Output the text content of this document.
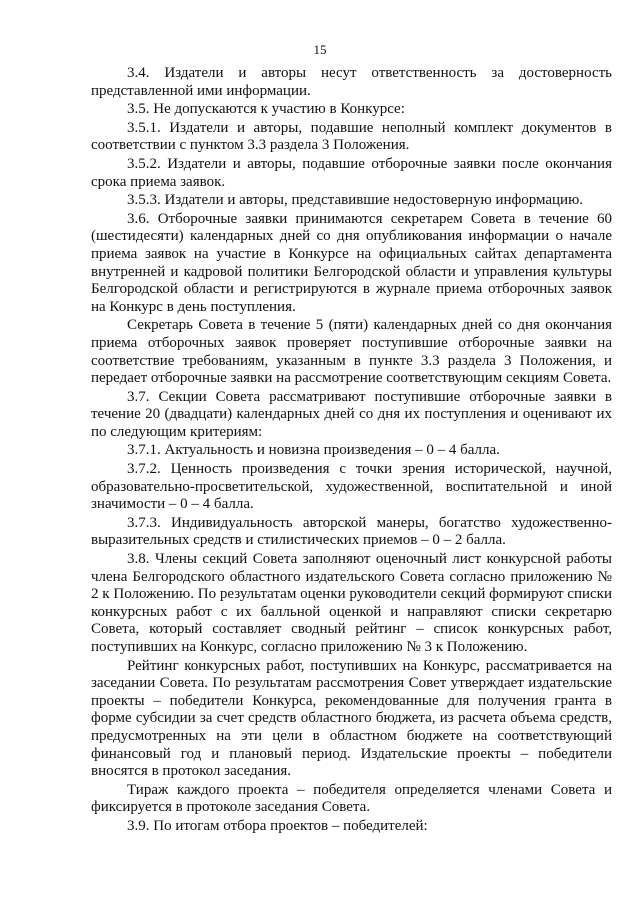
15

3.4. Издатели и авторы несут ответственность за достоверность представленной ими информации.

3.5. Не допускаются к участию в Конкурсе:

3.5.1. Издатели и авторы, подавшие неполный комплект документов в соответствии с пунктом 3.3 раздела 3 Положения.

3.5.2. Издатели и авторы, подавшие отборочные заявки после окончания срока приема заявок.

3.5.3. Издатели и авторы, представившие недостоверную информацию.

3.6. Отборочные заявки принимаются секретарем Совета в течение 60 (шестидесяти) календарных дней со дня опубликования информации о начале приема заявок на участие в Конкурсе на официальных сайтах департамента внутренней и кадровой политики Белгородской области и управления культуры Белгородской области и регистрируются в журнале приема отборочных заявок на Конкурс в день поступления.

Секретарь Совета в течение 5 (пяти) календарных дней со дня окончания приема отборочных заявок проверяет поступившие отборочные заявки на соответствие требованиям, указанным в пункте 3.3 раздела 3 Положения, и передает отборочные заявки на рассмотрение соответствующим секциям Совета.

3.7. Секции Совета рассматривают поступившие отборочные заявки в течение 20 (двадцати) календарных дней со дня их поступления и оценивают их по следующим критериям:

3.7.1. Актуальность и новизна произведения – 0 – 4 балла.

3.7.2. Ценность произведения с точки зрения исторической, научной, образовательно-просветительской, художественной, воспитательной и иной значимости – 0 – 4 балла.

3.7.3. Индивидуальность авторской манеры, богатство художественно-выразительных средств и стилистических приемов – 0 – 2 балла.

3.8. Члены секций Совета заполняют оценочный лист конкурсной работы члена Белгородского областного издательского Совета согласно приложению № 2 к Положению. По результатам оценки руководители секций формируют списки конкурсных работ с их балльной оценкой и направляют списки секретарю Совета, который составляет сводный рейтинг – список конкурсных работ, поступивших на Конкурс, согласно приложению № 3 к Положению.

Рейтинг конкурсных работ, поступивших на Конкурс, рассматривается на заседании Совета. По результатам рассмотрения Совет утверждает издательские проекты – победители Конкурса, рекомендованные для получения гранта в форме субсидии за счет средств областного бюджета, из расчета объема средств, предусмотренных на эти цели в областном бюджете на соответствующий финансовый год и плановый период. Издательские проекты – победители вносятся в протокол заседания.

Тираж каждого проекта – победителя определяется членами Совета и фиксируется в протоколе заседания Совета.

3.9. По итогам отбора проектов – победителей:
